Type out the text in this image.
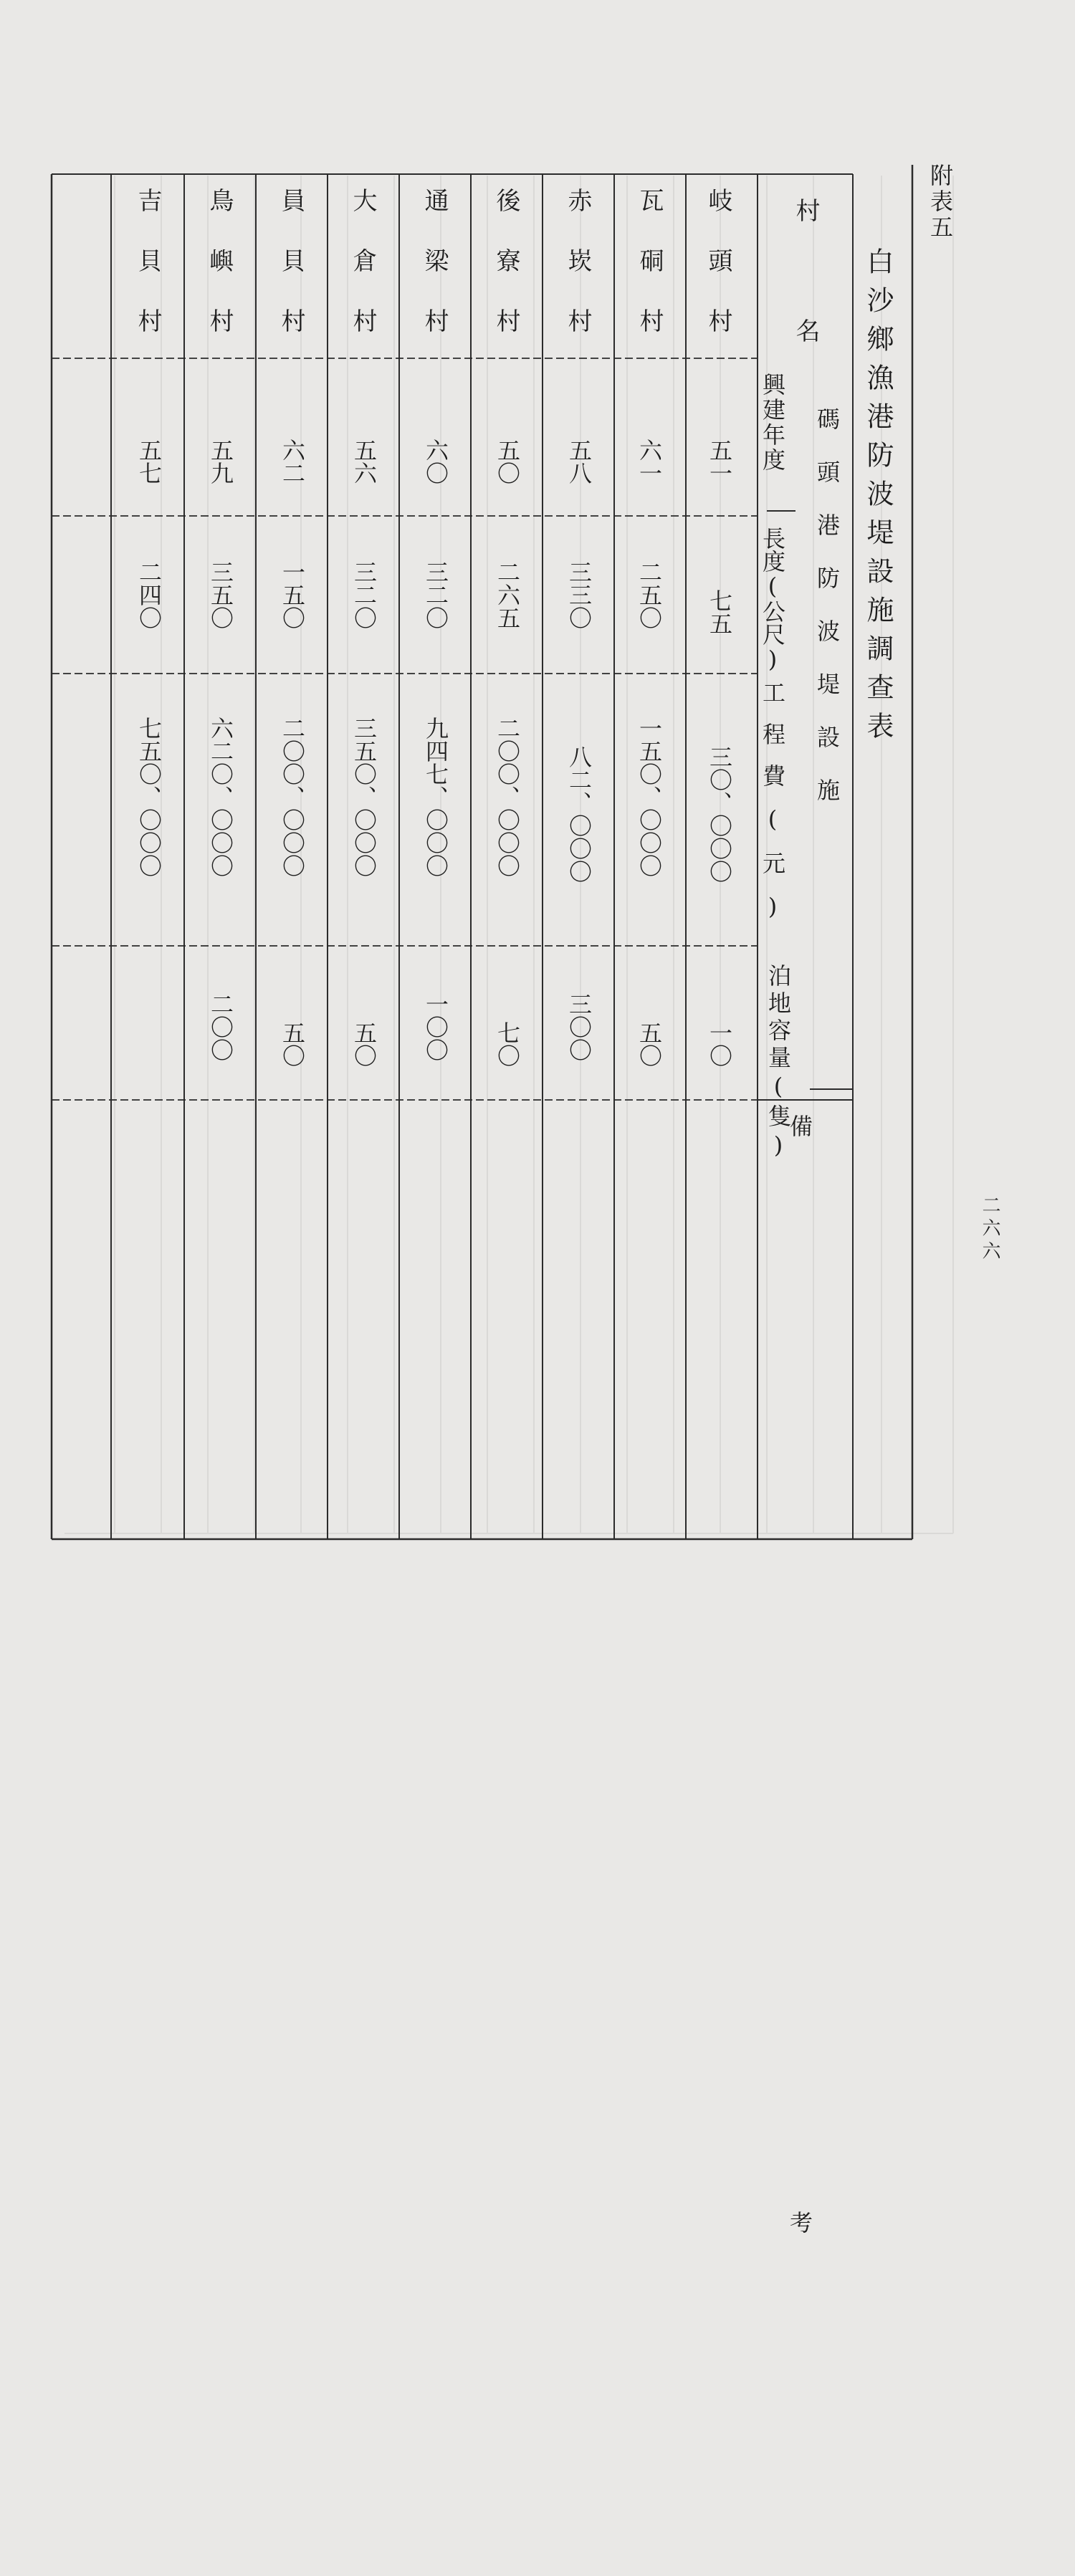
附表五
白沙鄉漁港防波堤設施調查表
二六六
村　名
碼頭港防波堤設施
興建年度
長度(公尺)
工程費(元)
泊地容量(隻)
備　　考
岐頭村
五一
七五
三〇、〇〇〇
一〇
瓦硐村
六一
二五〇
一五〇、〇〇〇
五〇
赤崁村
五八
三三〇
八二、〇〇〇
三〇〇
後寮村
五〇
二六五
二〇〇、〇〇〇
七〇
通梁村
六〇
三二〇
九四七、〇〇〇
一〇〇
大倉村
五六
三二〇
三五〇、〇〇〇
五〇
員貝村
六二
一五〇
二〇〇、〇〇〇
五〇
鳥嶼村
五九
三五〇
六二〇、〇〇〇
二〇〇
吉貝村
五七
二四〇
七五〇、〇〇〇
